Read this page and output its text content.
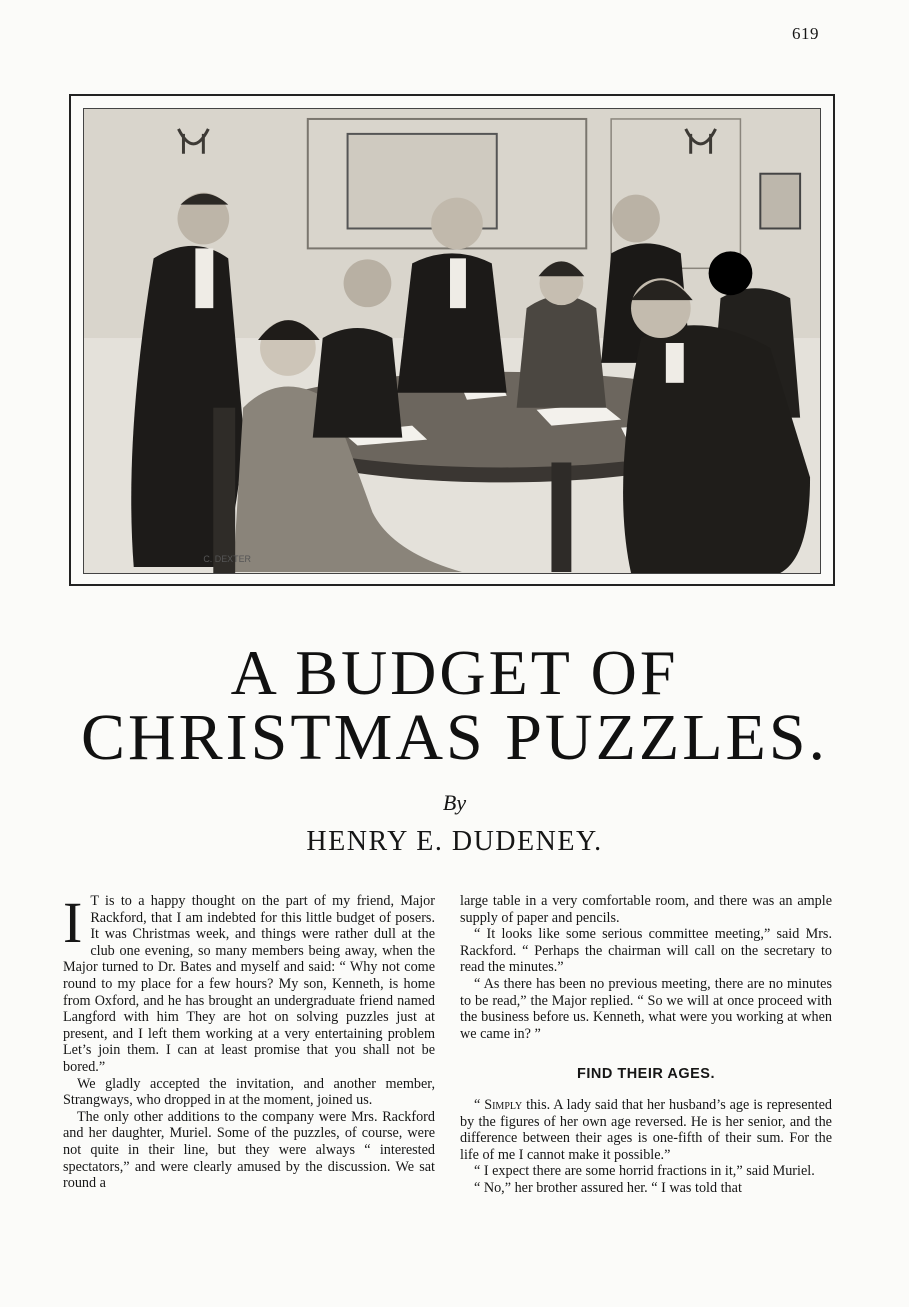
619
C. DEXTER
A BUDGET OF
CHRISTMAS PUZZLES.
By
HENRY E. DUDENEY.

I T is to a happy thought on the part of my friend, Major Rackford, that I am indebted for this little budget of posers. It was Christmas week, and things were rather dull at the club one evening, so many members being away, when the Major turned to Dr. Bates and myself and said: “ Why not come round to my place for a few hours? My son, Kenneth, is home from Oxford, and he has brought an undergraduate friend named Langford with him They are hot on solving puzzles just at present, and I left them working at a very entertaining problem Let’s join them. I can at least promise that you shall not be bored.”

We gladly accepted the invitation, and another member, Strangways, who dropped in at the moment, joined us.

The only other additions to the company were Mrs. Rackford and her daughter, Muriel. Some of the puzzles, of course, were not quite in their line, but they were always “ interested spectators,” and were clearly amused by the discussion. We sat round a

large table in a very comfortable room, and there was an ample supply of paper and pencils.

“ It looks like some serious committee meeting,” said Mrs. Rackford. “ Perhaps the chairman will call on the secretary to read the minutes.”

“ As there has been no previous meeting, there are no minutes to be read,” the Major replied. “ So we will at once proceed with the business before us. Kenneth, what were you working at when we came in? ”

FIND THEIR AGES.

“ Simply this. A lady said that her husband’s age is represented by the figures of her own age reversed. He is her senior, and the difference between their ages is one-fifth of their sum. For the life of me I cannot make it possible.”

“ I expect there are some horrid fractions in it,” said Muriel.

“ No,” her brother assured her. “ I was told that
